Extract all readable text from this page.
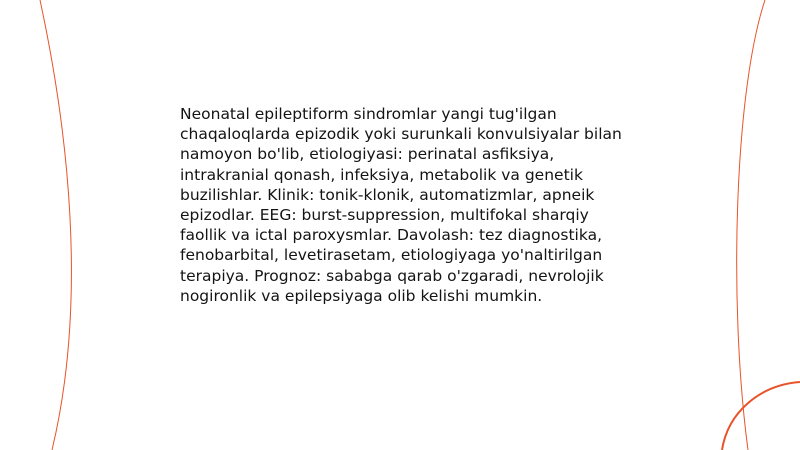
Neonatal epileptiform sindromlar yangi tug'ilgan chaqaloqlarda epizodik yoki surunkali konvulsiyalar bilan namoyon bo'lib, etiologiyasi: perinatal asfiksiya, intrakranial qonash, infeksiya, metabolik va genetik buzilishlar. Klinik: tonik-klonik, automatizmlar, apneik epizodlar. EEG: burst-suppression, multifokal sharqiy faollik va ictal paroxysmlar. Davolash: tez diagnostika, fenobarbital, levetirasetam, etiologiyaga yo'naltirilgan terapiya. Prognoz: sababga qarab o'zgaradi, nevrolojik nogironlik va epilepsiyaga olib kelishi mumkin.
